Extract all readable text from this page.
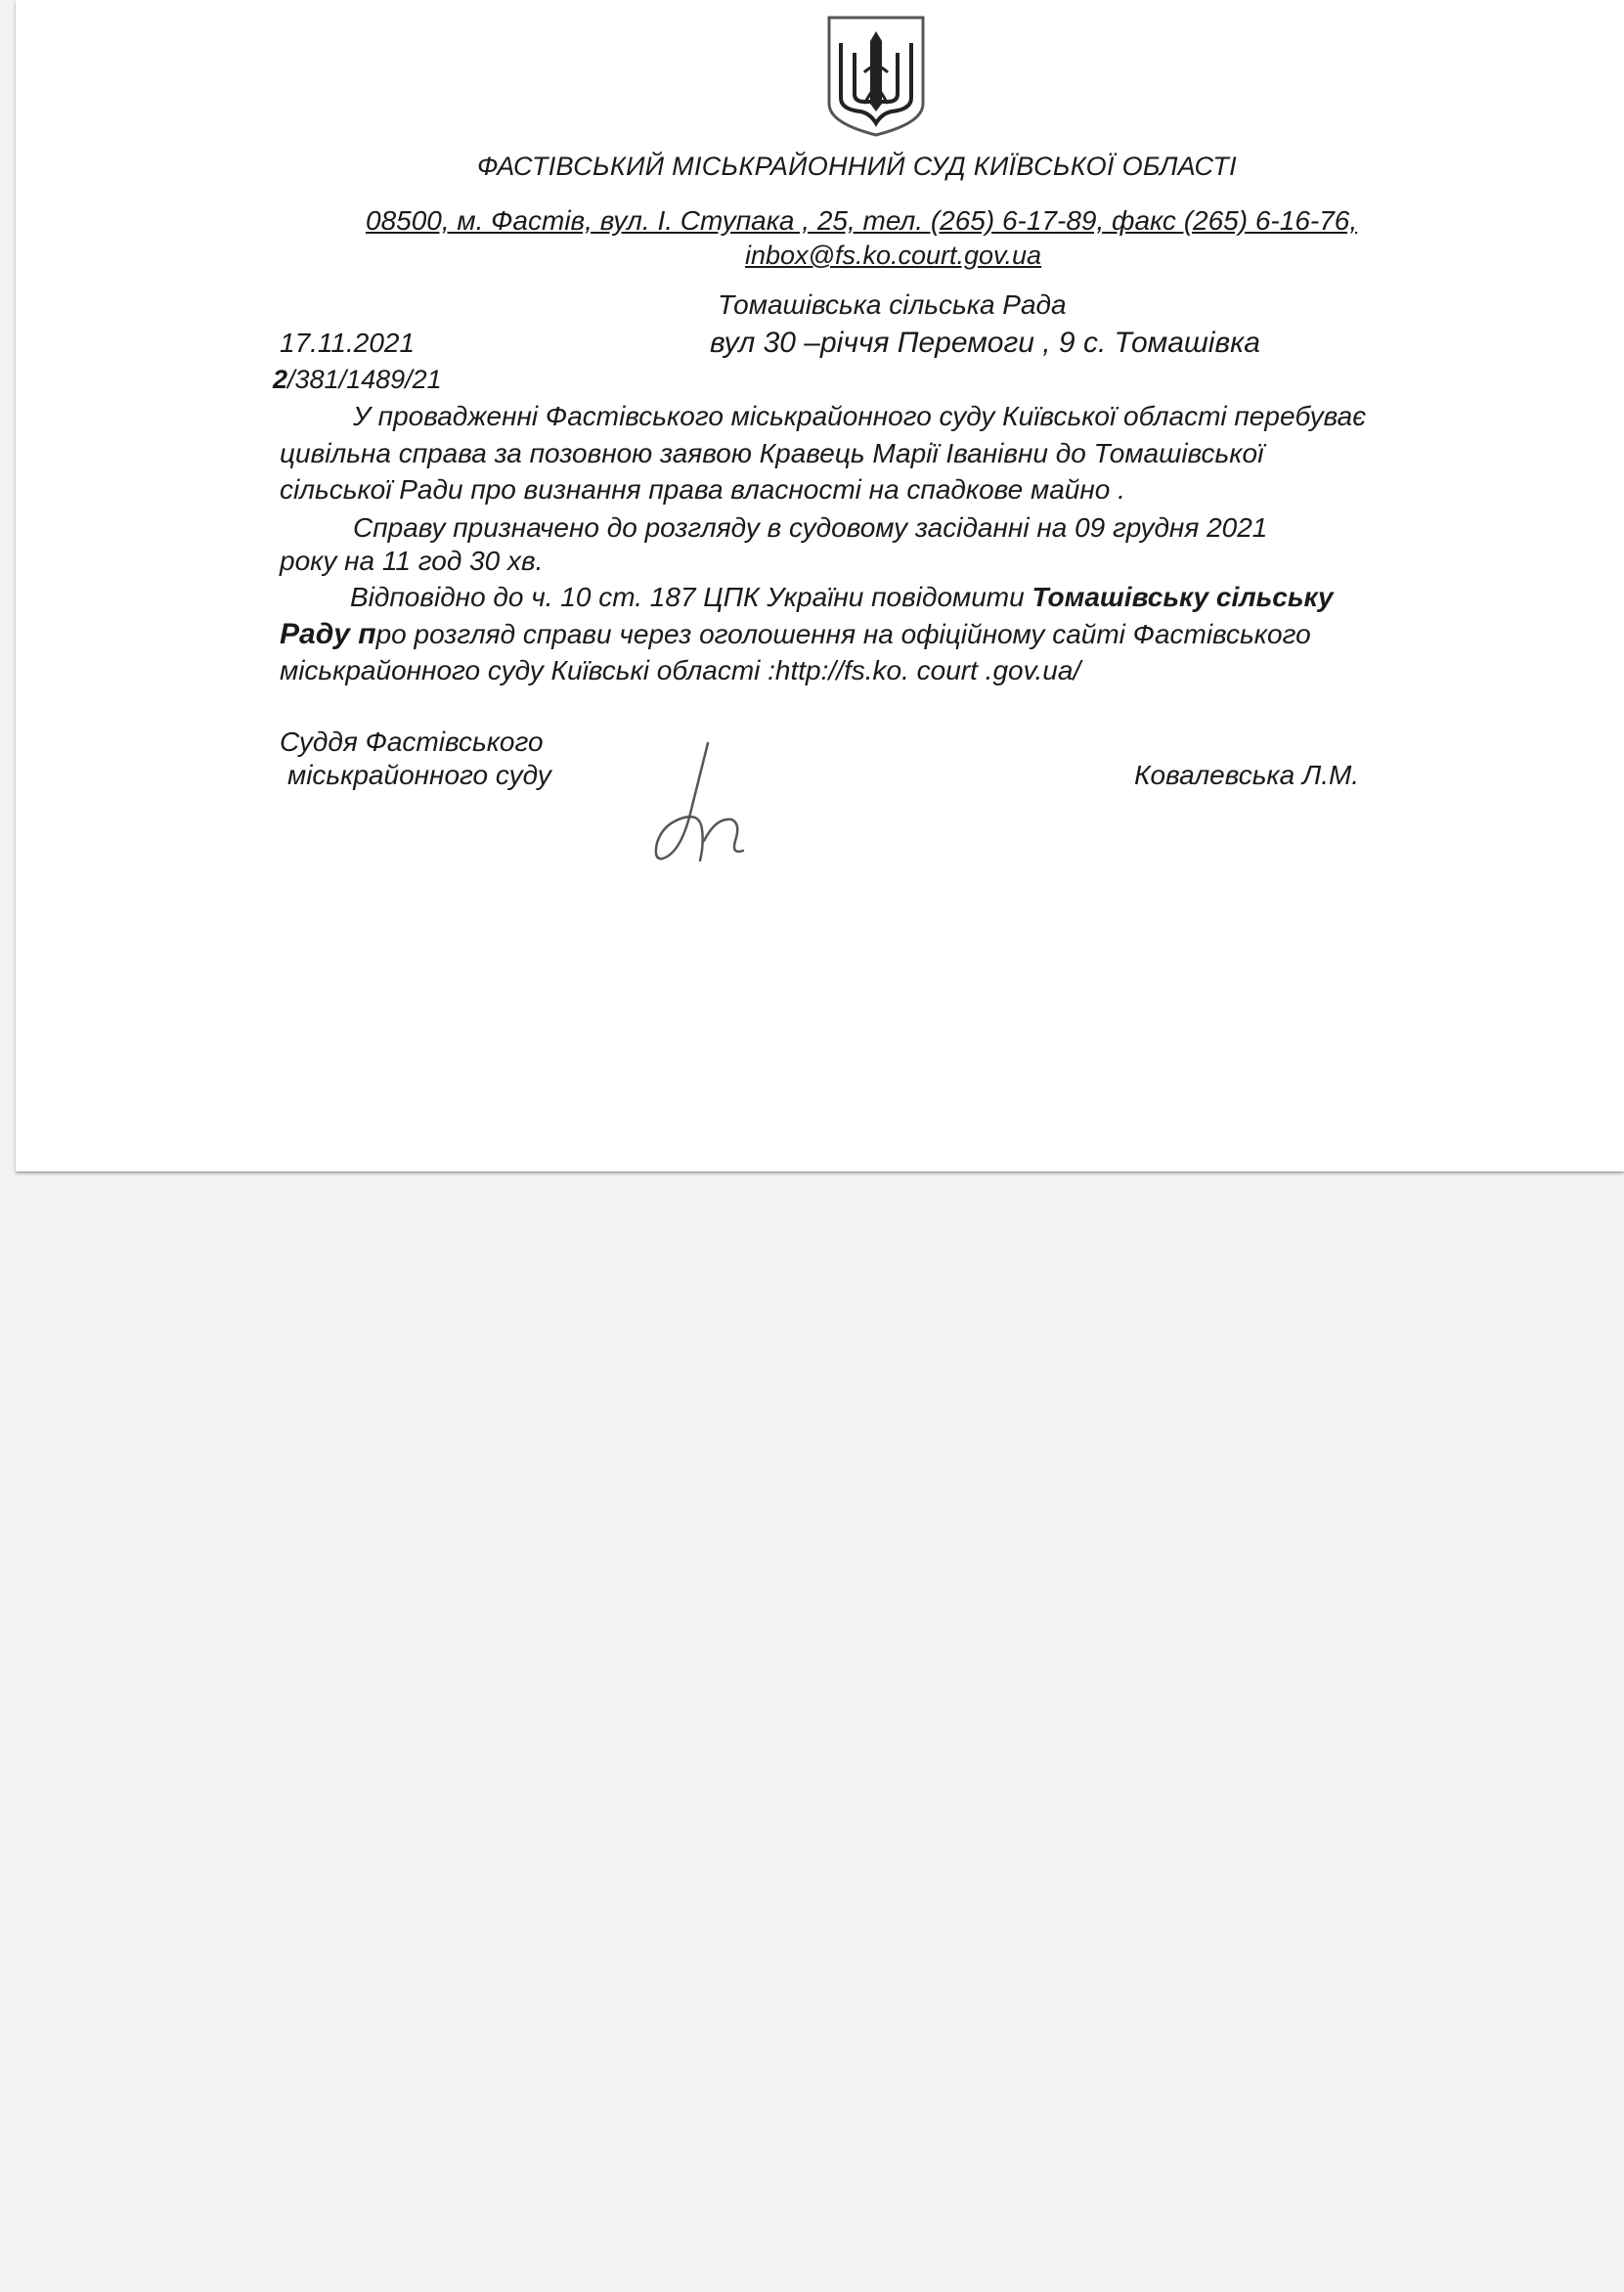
ФАСТІВСЬКИЙ МІСЬКРАЙОННИЙ СУД КИЇВСЬКОЇ ОБЛАСТІ
08500, м. Фастів, вул. І. Ступака , 25, тел. (265) 6-17-89, факс (265) 6-16-76,
inbox@fs.ko.court.gov.ua
Томашівська сільська Рада
17.11.2021	вул 30 –річчя Перемоги , 9 с. Томашівка
2/381/1489/21
У провадженні Фастівського міськрайонного суду Київської області перебуває
цивільна справа за позовною заявою Кравець Марії Іванівни до Томашівської
сільської Ради про визнання права власності на спадкове майно .
Справу призначено до розгляду в судовому засіданні на 09 грудня 2021
року на 11 год 30 хв.
Відповідно до ч. 10 ст. 187 ЦПК України повідомити Томашівську сільську
Раду про розгляд справи через оголошення на офіційному сайті Фастівського
міськрайонного суду Київські області :http://fs.ko. court .gov.ua/
Суддя Фастівського
міськрайонного суду	Ковалевська Л.М.
